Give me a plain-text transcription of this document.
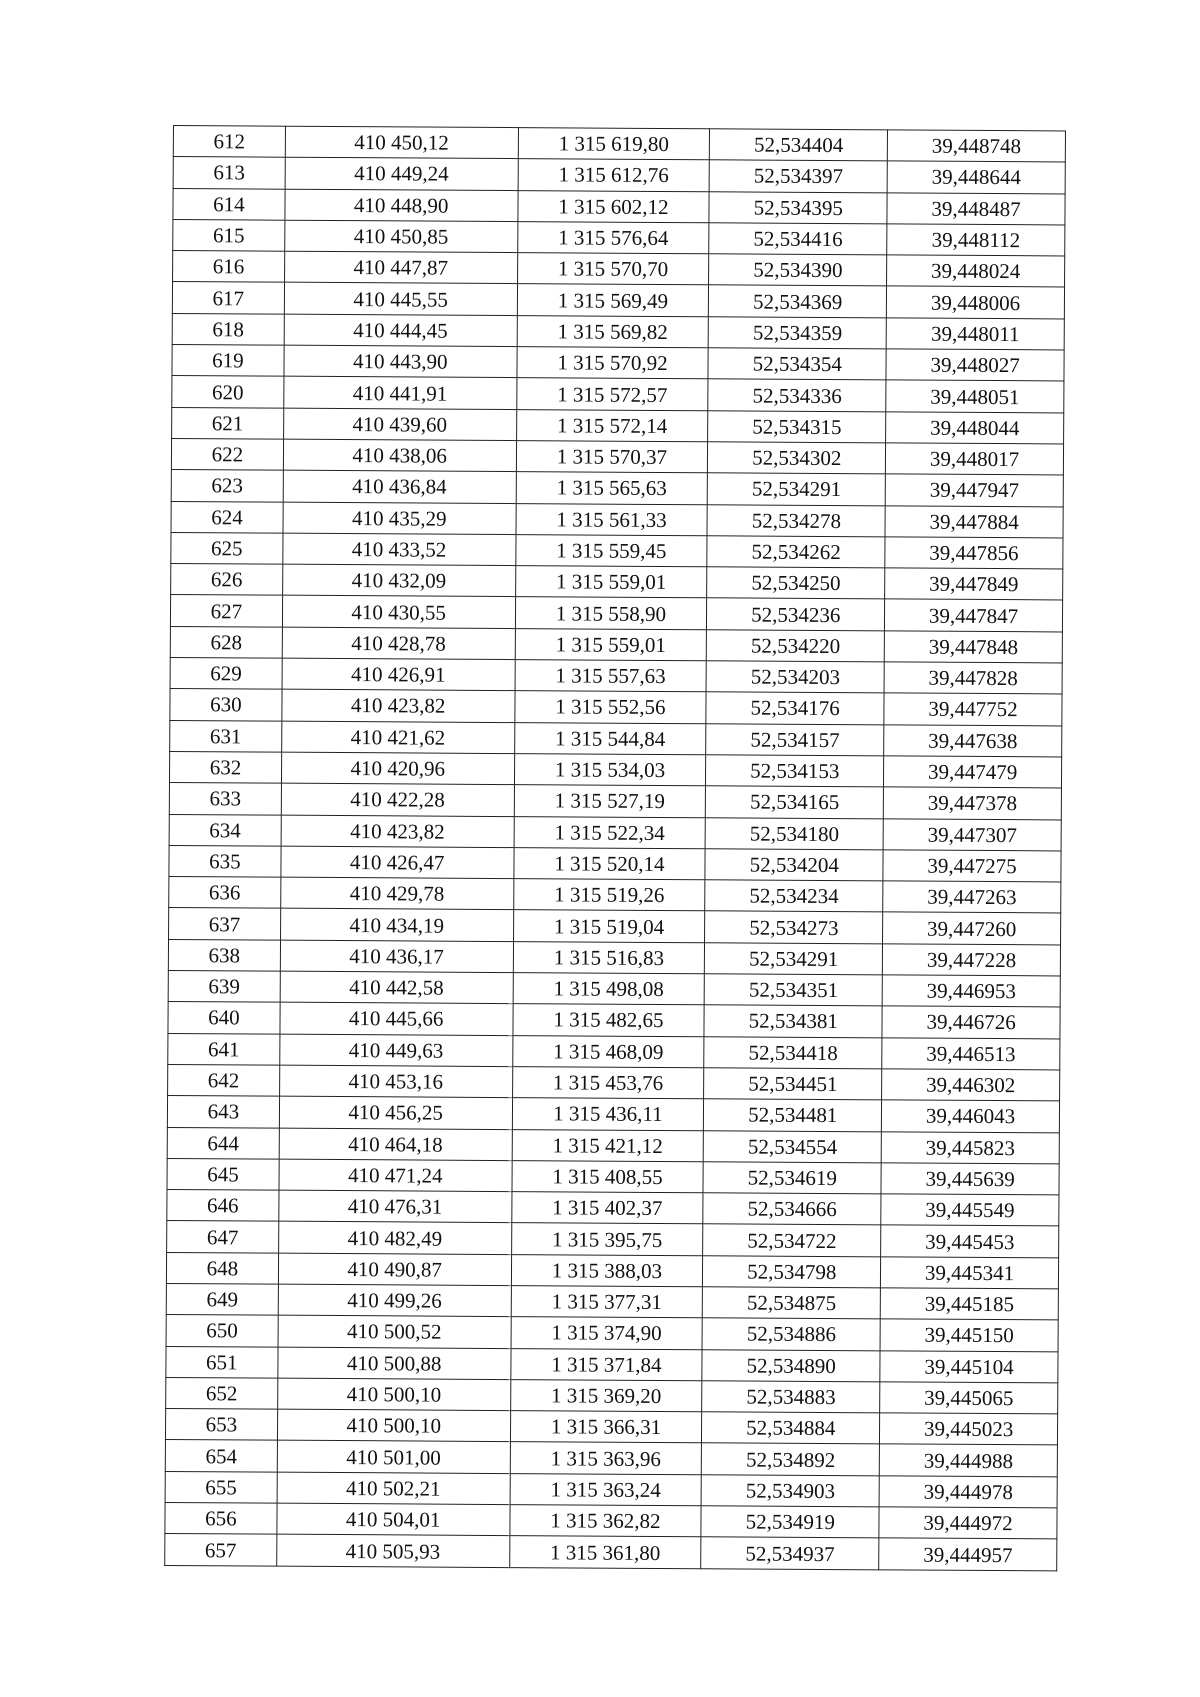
612	410 450,12	1 315 619,80	52,534404	39,448748
613	410 449,24	1 315 612,76	52,534397	39,448644
614	410 448,90	1 315 602,12	52,534395	39,448487
615	410 450,85	1 315 576,64	52,534416	39,448112
616	410 447,87	1 315 570,70	52,534390	39,448024
617	410 445,55	1 315 569,49	52,534369	39,448006
618	410 444,45	1 315 569,82	52,534359	39,448011
619	410 443,90	1 315 570,92	52,534354	39,448027
620	410 441,91	1 315 572,57	52,534336	39,448051
621	410 439,60	1 315 572,14	52,534315	39,448044
622	410 438,06	1 315 570,37	52,534302	39,448017
623	410 436,84	1 315 565,63	52,534291	39,447947
624	410 435,29	1 315 561,33	52,534278	39,447884
625	410 433,52	1 315 559,45	52,534262	39,447856
626	410 432,09	1 315 559,01	52,534250	39,447849
627	410 430,55	1 315 558,90	52,534236	39,447847
628	410 428,78	1 315 559,01	52,534220	39,447848
629	410 426,91	1 315 557,63	52,534203	39,447828
630	410 423,82	1 315 552,56	52,534176	39,447752
631	410 421,62	1 315 544,84	52,534157	39,447638
632	410 420,96	1 315 534,03	52,534153	39,447479
633	410 422,28	1 315 527,19	52,534165	39,447378
634	410 423,82	1 315 522,34	52,534180	39,447307
635	410 426,47	1 315 520,14	52,534204	39,447275
636	410 429,78	1 315 519,26	52,534234	39,447263
637	410 434,19	1 315 519,04	52,534273	39,447260
638	410 436,17	1 315 516,83	52,534291	39,447228
639	410 442,58	1 315 498,08	52,534351	39,446953
640	410 445,66	1 315 482,65	52,534381	39,446726
641	410 449,63	1 315 468,09	52,534418	39,446513
642	410 453,16	1 315 453,76	52,534451	39,446302
643	410 456,25	1 315 436,11	52,534481	39,446043
644	410 464,18	1 315 421,12	52,534554	39,445823
645	410 471,24	1 315 408,55	52,534619	39,445639
646	410 476,31	1 315 402,37	52,534666	39,445549
647	410 482,49	1 315 395,75	52,534722	39,445453
648	410 490,87	1 315 388,03	52,534798	39,445341
649	410 499,26	1 315 377,31	52,534875	39,445185
650	410 500,52	1 315 374,90	52,534886	39,445150
651	410 500,88	1 315 371,84	52,534890	39,445104
652	410 500,10	1 315 369,20	52,534883	39,445065
653	410 500,10	1 315 366,31	52,534884	39,445023
654	410 501,00	1 315 363,96	52,534892	39,444988
655	410 502,21	1 315 363,24	52,534903	39,444978
656	410 504,01	1 315 362,82	52,534919	39,444972
657	410 505,93	1 315 361,80	52,534937	39,444957
